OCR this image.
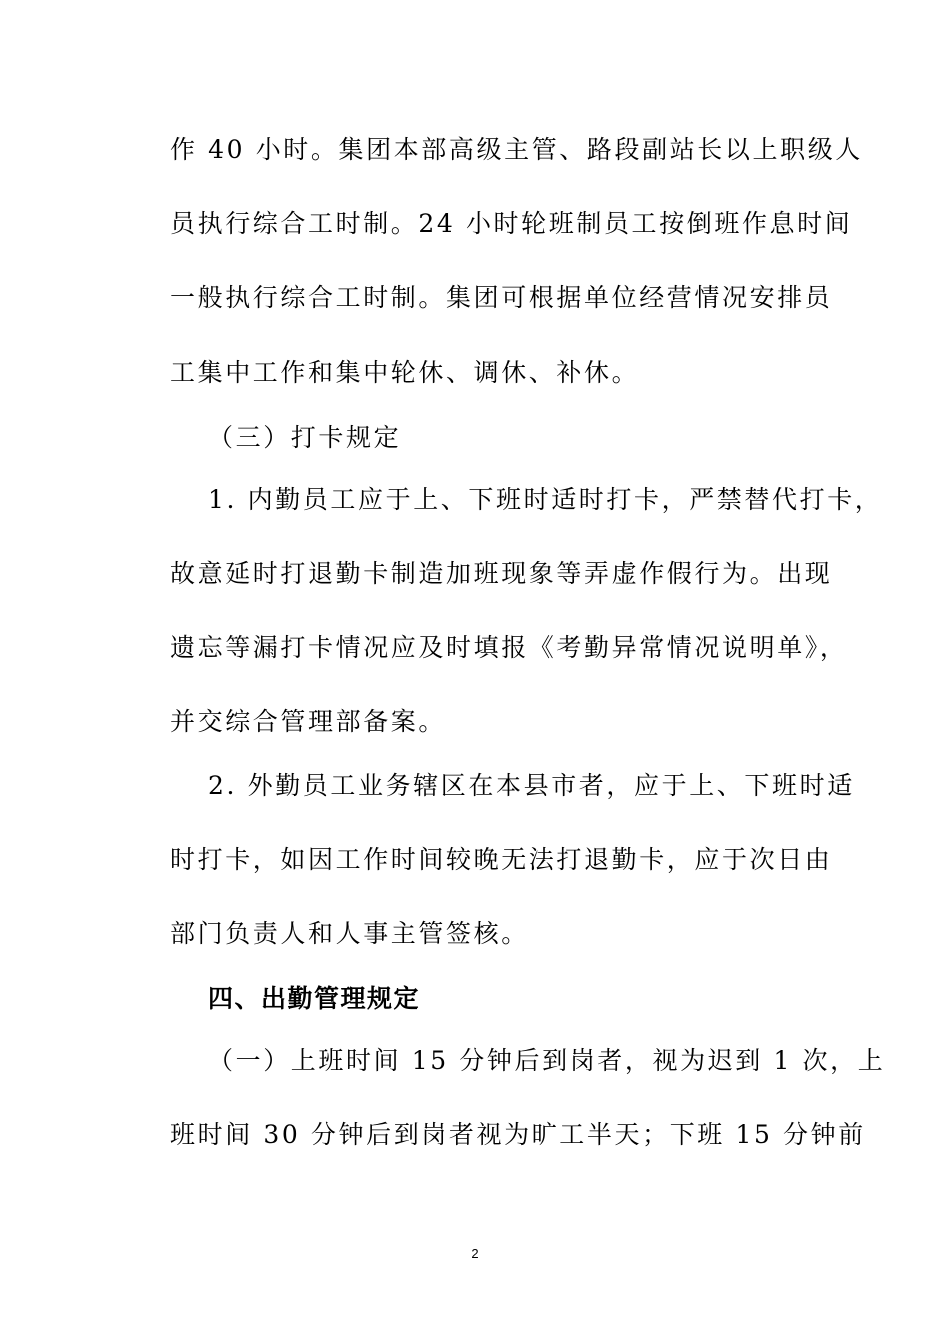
作 40 小时。集团本部高级主管、路段副站长以上职级人
员执行综合工时制。24 小时轮班制员工按倒班作息时间
一般执行综合工时制。集团可根据单位经营情况安排员
工集中工作和集中轮休、调休、补休。
（三）打卡规定
1. 内勤员工应于上、下班时适时打卡，严禁替代打卡，
故意延时打退勤卡制造加班现象等弄虚作假行为。出现
遗忘等漏打卡情况应及时填报《考勤异常情况说明单》，
并交综合管理部备案。
2. 外勤员工业务辖区在本县市者，应于上、下班时适
时打卡，如因工作时间较晚无法打退勤卡，应于次日由
部门负责人和人事主管签核。
四、出勤管理规定
（一）上班时间 15 分钟后到岗者，视为迟到 1 次，上
班时间 30 分钟后到岗者视为旷工半天；下班 15 分钟前
2
